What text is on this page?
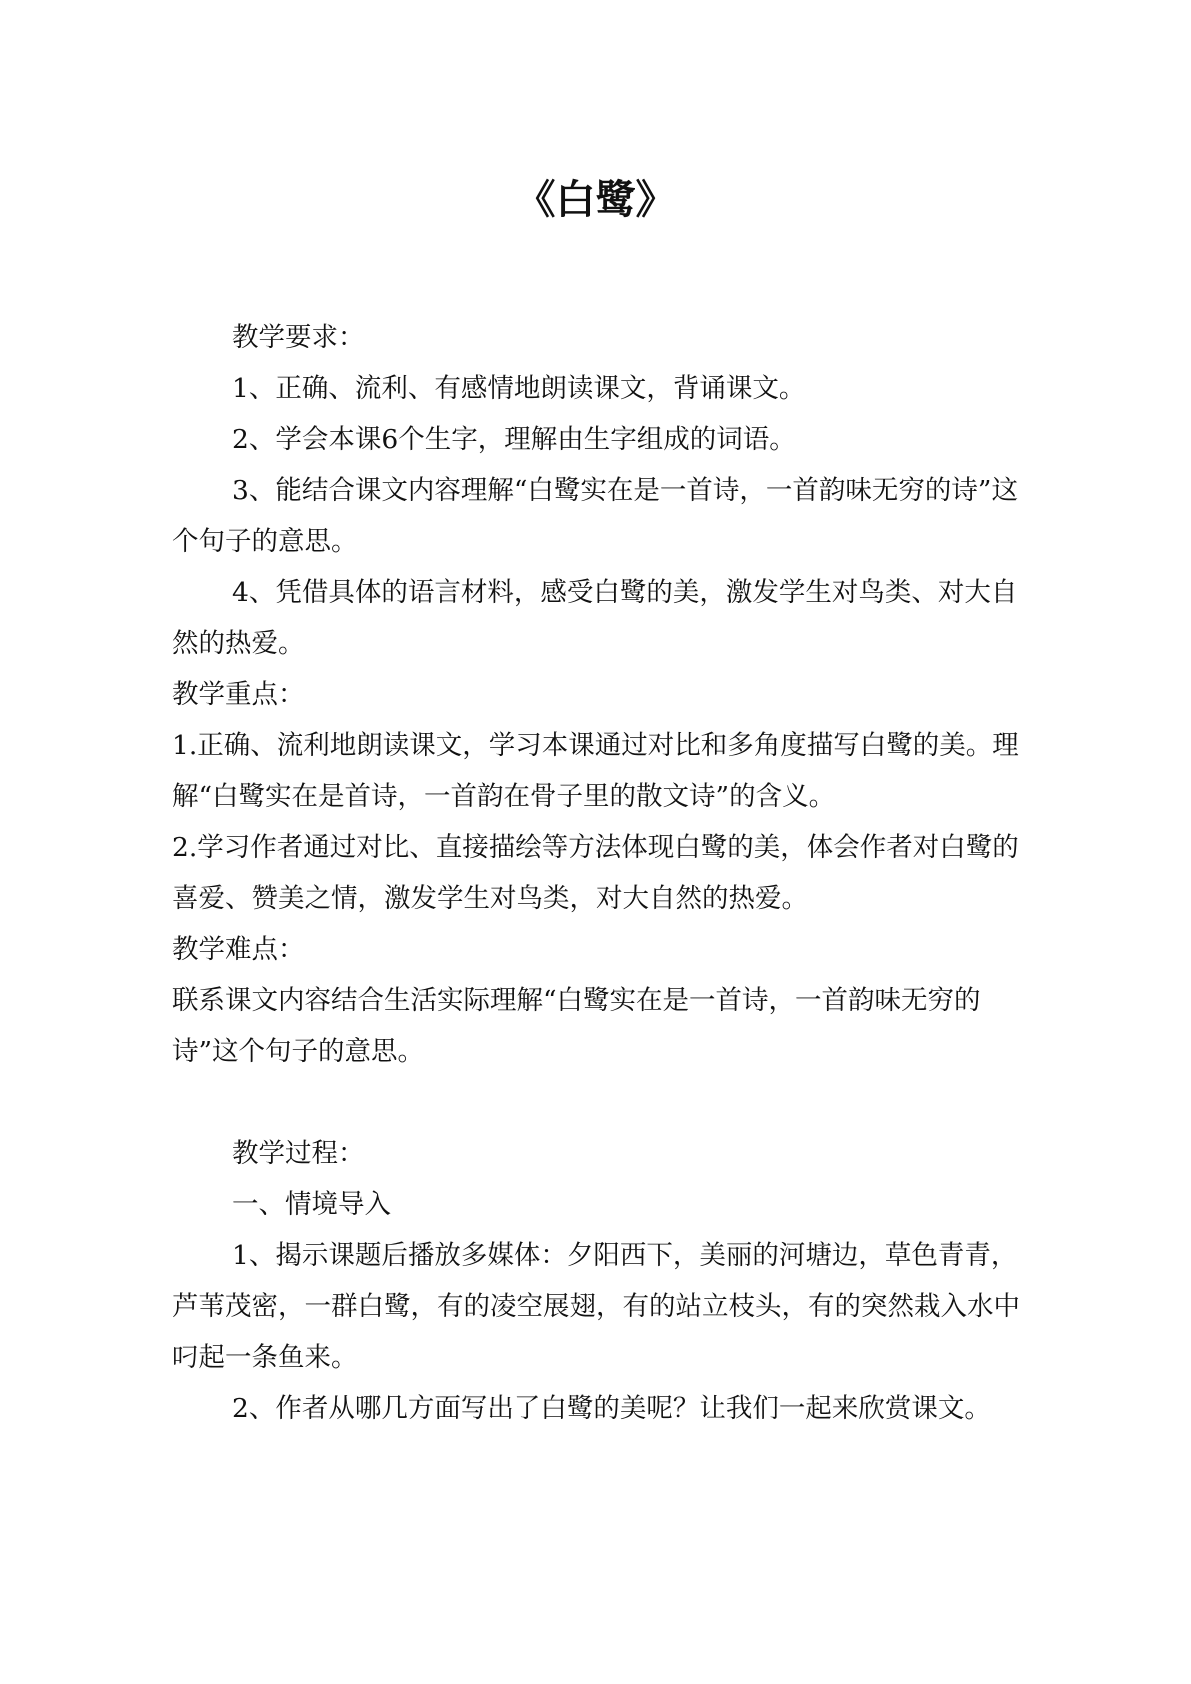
《白鹭》

教学要求：

1、正确、流利、有感情地朗读课文，背诵课文。

2、学会本课6个生字，理解由生字组成的词语。

3、能结合课文内容理解“白鹭实在是一首诗，一首韵味无穷的诗”这个句子的意思。

4、凭借具体的语言材料，感受白鹭的美，激发学生对鸟类、对大自然的热爱。

教学重点：

1.正确、流利地朗读课文，学习本课通过对比和多角度描写白鹭的美。理解“白鹭实在是首诗，一首韵在骨子里的散文诗”的含义。

2.学习作者通过对比、直接描绘等方法体现白鹭的美，体会作者对白鹭的喜爱、赞美之情，激发学生对鸟类，对大自然的热爱。

教学难点：

联系课文内容结合生活实际理解“白鹭实在是一首诗，一首韵味无穷的诗”这个句子的意思。

教学过程：

一、情境导入

1、揭示课题后播放多媒体：夕阳西下，美丽的河塘边，草色青青，芦苇茂密，一群白鹭，有的凌空展翅，有的站立枝头，有的突然栽入水中叼起一条鱼来。

2、作者从哪几方面写出了白鹭的美呢？让我们一起来欣赏课文。
